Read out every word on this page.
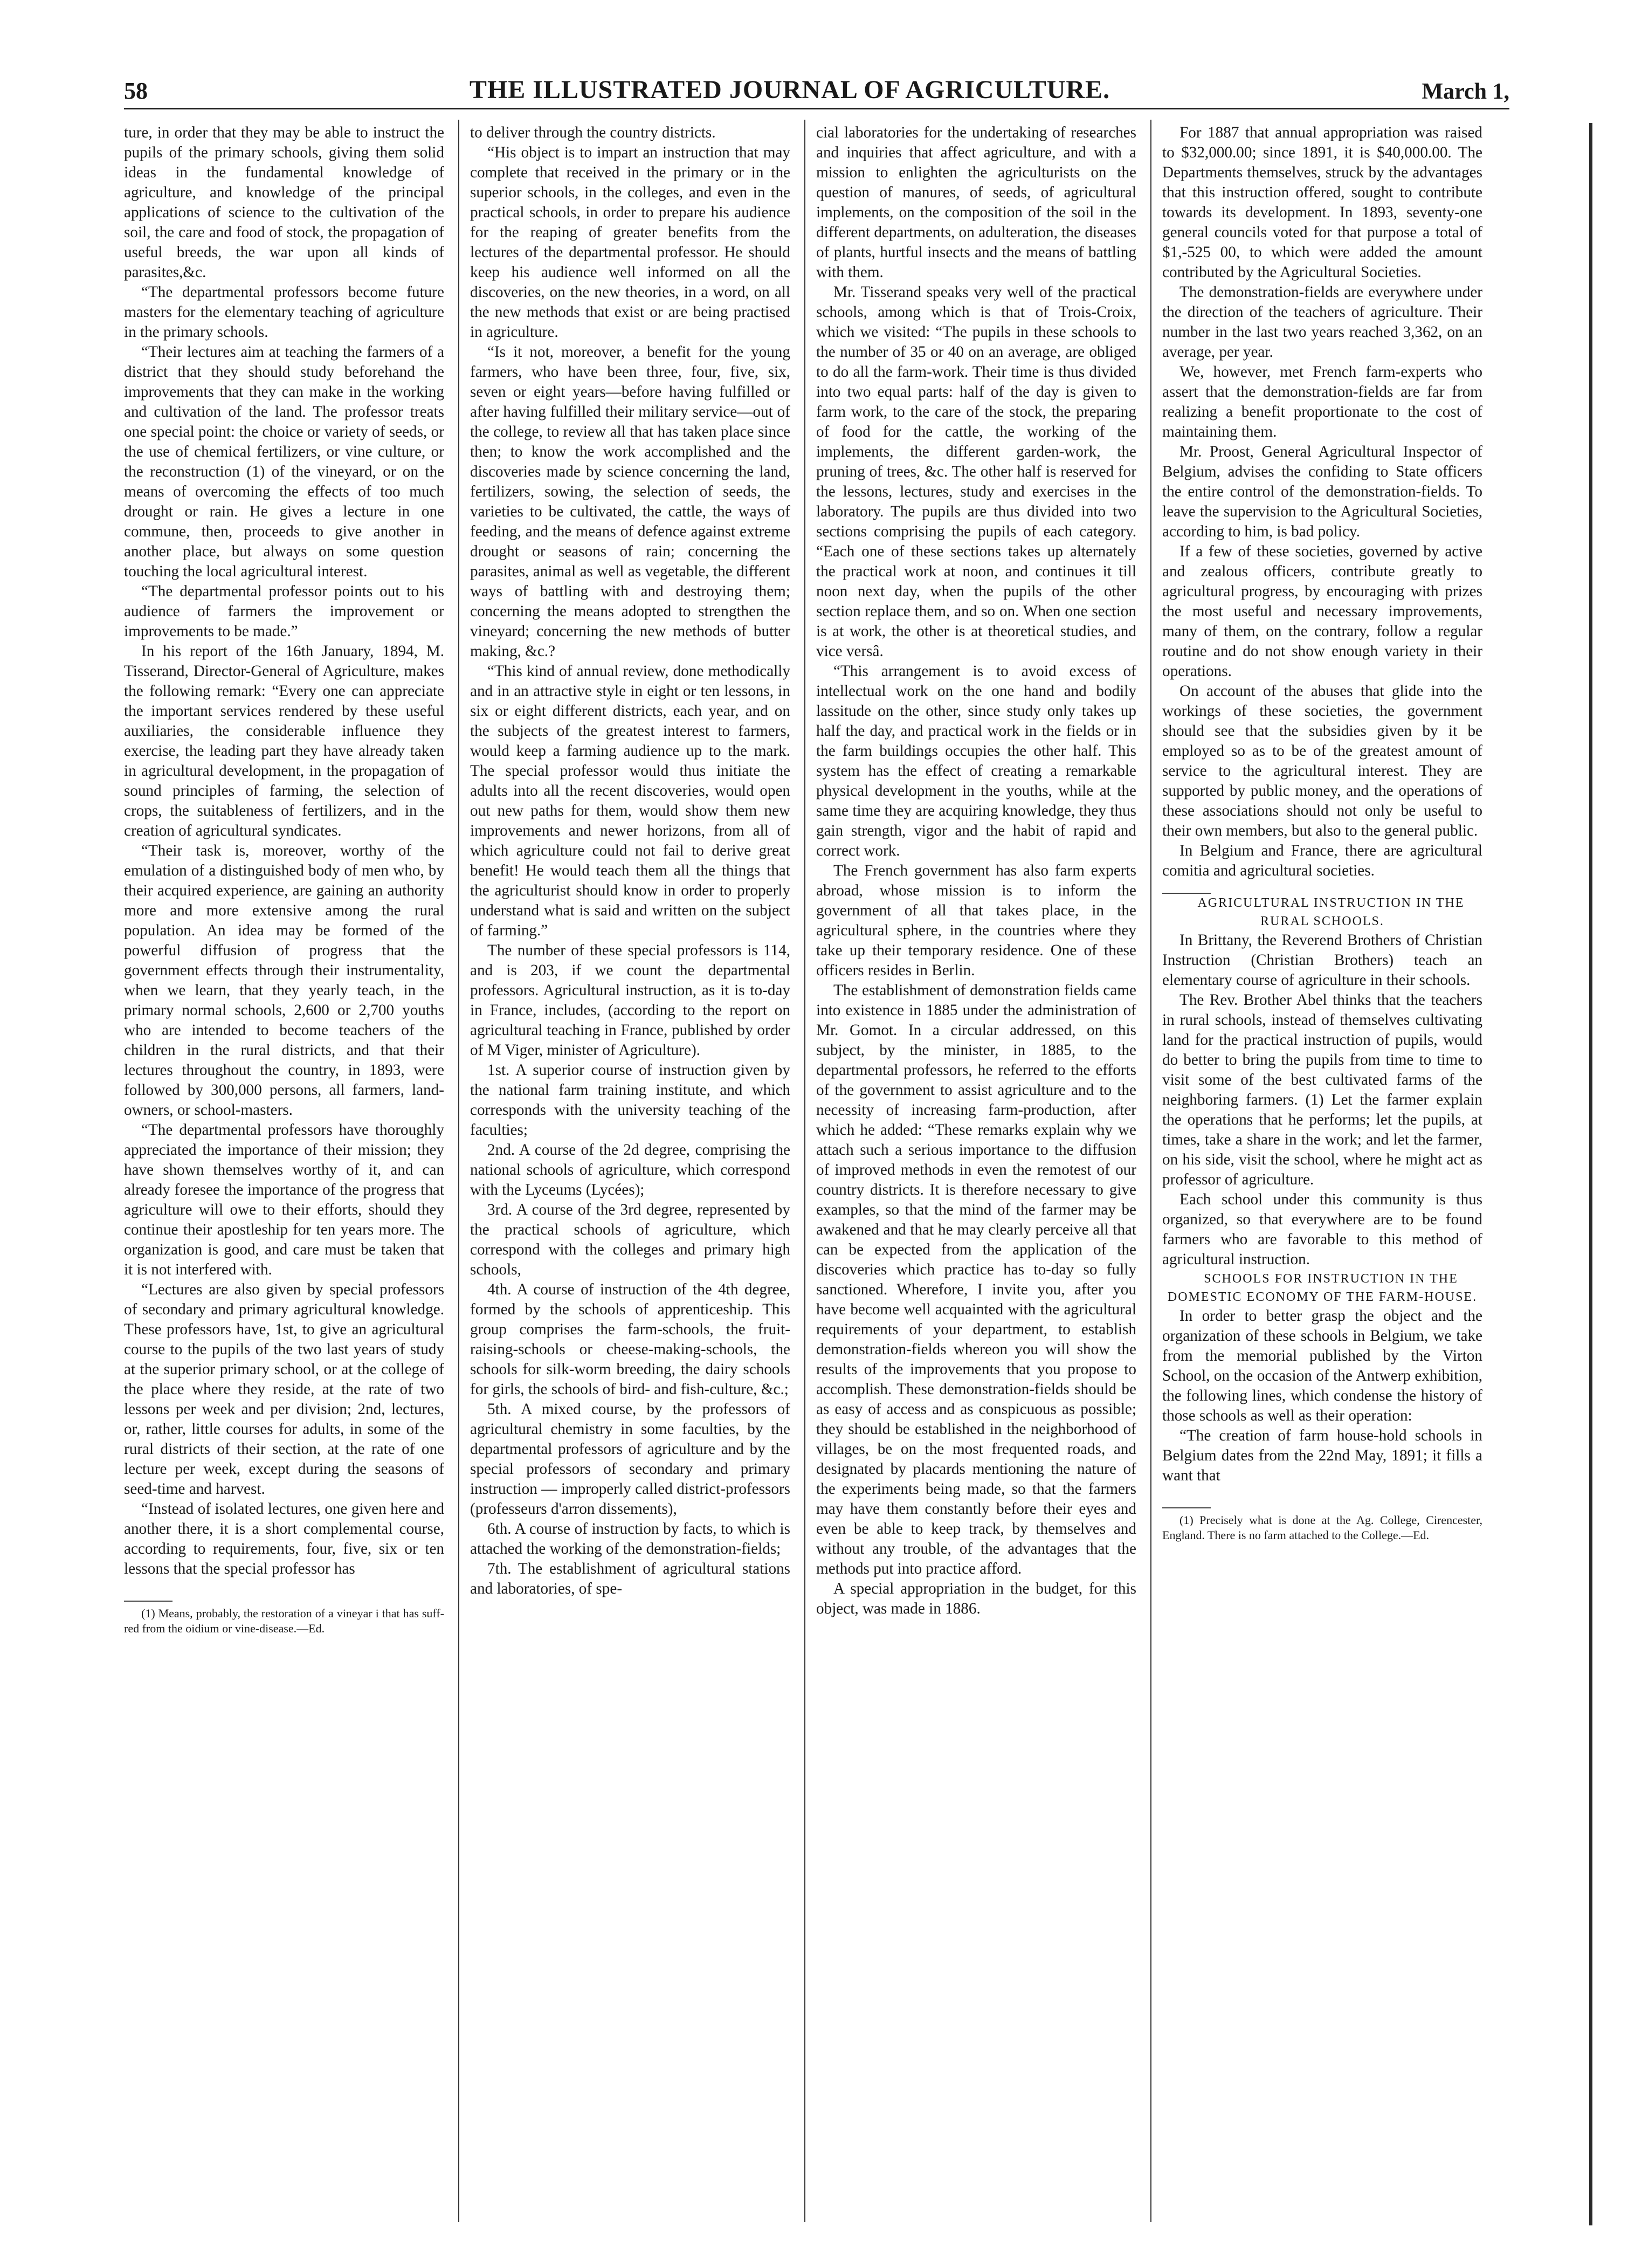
58	THE ILLUSTRATED JOURNAL OF AGRICULTURE.	March 1,

ture, in order that they may be able to instruct the pupils of the primary schools, giving them solid ideas in the fundamental knowledge of agriculture, and knowledge of the principal applications of science to the cultivation of the soil, the care and food of stock, the propagation of useful breeds, the war upon all kinds of parasites,&c.

“The departmental professors become future masters for the elementary teaching of agriculture in the primary schools.

“Their lectures aim at teaching the farmers of a district that they should study beforehand the improvements that they can make in the working and cultivation of the land. The professor treats one special point: the choice or variety of seeds, or the use of chemical fertilizers, or vine culture, or the reconstruction (1) of the vineyard, or on the means of overcoming the effects of too much drought or rain. He gives a lecture in one commune, then, proceeds to give another in another place, but always on some question touching the local agricultural interest.

“The departmental professor points out to his audience of farmers the improvement or improvements to be made.”

In his report of the 16th January, 1894, M. Tisserand, Director-General of Agriculture, makes the following remark: “Every one can appreciate the important services rendered by these useful auxiliaries, the considerable influence they exercise, the leading part they have already taken in agricultural development, in the propagation of sound principles of farming, the selection of crops, the suitableness of fertilizers, and in the creation of agricultural syndicates.

“Their task is, moreover, worthy of the emulation of a distinguished body of men who, by their acquired experience, are gaining an authority more and more extensive among the rural population. An idea may be formed of the powerful diffusion of progress that the government effects through their instrumentality, when we learn, that they yearly teach, in the primary normal schools, 2,600 or 2,700 youths who are intended to become teachers of the children in the rural districts, and that their lectures throughout the country, in 1893, were followed by 300,000 persons, all farmers, land-owners, or school-masters.

“The departmental professors have thoroughly appreciated the importance of their mission; they have shown themselves worthy of it, and can already foresee the importance of the progress that agriculture will owe to their efforts, should they continue their apostleship for ten years more. The organization is good, and care must be taken that it is not interfered with.

“Lectures are also given by special professors of secondary and primary agricultural knowledge. These professors have, 1st, to give an agricultural course to the pupils of the two last years of study at the superior primary school, or at the college of the place where they reside, at the rate of two lessons per week and per division; 2nd, lectures, or, rather, little courses for adults, in some of the rural districts of their section, at the rate of one lecture per week, except during the seasons of seed-time and harvest.

“Instead of isolated lectures, one given here and another there, it is a short complemental course, according to requirements, four, five, six or ten lessons that the special professor has

(1) Means, probably, the restoration of a vineyar i that has suff-red from the oidium or vine-disease.—Ed.

to deliver through the country districts.

“His object is to impart an instruction that may complete that received in the primary or in the superior schools, in the colleges, and even in the practical schools, in order to prepare his audience for the reaping of greater benefits from the lectures of the departmental professor. He should keep his audience well informed on all the discoveries, on the new theories, in a word, on all the new methods that exist or are being practised in agriculture.

“Is it not, moreover, a benefit for the young farmers, who have been three, four, five, six, seven or eight years—before having fulfilled or after having fulfilled their military service—out of the college, to review all that has taken place since then; to know the work accomplished and the discoveries made by science concerning the land, fertilizers, sowing, the selection of seeds, the varieties to be cultivated, the cattle, the ways of feeding, and the means of defence against extreme drought or seasons of rain; concerning the parasites, animal as well as vegetable, the different ways of battling with and destroying them; concerning the means adopted to strengthen the vineyard; concerning the new methods of butter making, &c.?

“This kind of annual review, done methodically and in an attractive style in eight or ten lessons, in six or eight different districts, each year, and on the subjects of the greatest interest to farmers, would keep a farming audience up to the mark. The special professor would thus initiate the adults into all the recent discoveries, would open out new paths for them, would show them new improvements and newer horizons, from all of which agriculture could not fail to derive great benefit! He would teach them all the things that the agriculturist should know in order to properly understand what is said and written on the subject of farming.”

The number of these special professors is 114, and is 203, if we count the departmental professors. Agricultural instruction, as it is to-day in France, includes, (according to the report on agricultural teaching in France, published by order of M Viger, minister of Agriculture).

1st. A superior course of instruction given by the national farm training institute, and which corresponds with the university teaching of the faculties;

2nd. A course of the 2d degree, comprising the national schools of agriculture, which correspond with the Lyceums (Lycées);

3rd. A course of the 3rd degree, represented by the practical schools of agriculture, which correspond with the colleges and primary high schools,

4th. A course of instruction of the 4th degree, formed by the schools of apprenticeship. This group comprises the farm-schools, the fruit-raising-schools or cheese-making-schools, the schools for silk-worm breeding, the dairy schools for girls, the schools of bird- and fish-culture, &c.;

5th. A mixed course, by the professors of agricultural chemistry in some faculties, by the departmental professors of agriculture and by the special professors of secondary and primary instruction — improperly called district-professors (professeurs d'arron dissements),

6th. A course of instruction by facts, to which is attached the working of the demonstration-fields;

7th. The establishment of agricultural stations and laboratories, of spe-

cial laboratories for the undertaking of researches and inquiries that affect agriculture, and with a mission to enlighten the agriculturists on the question of manures, of seeds, of agricultural implements, on the composition of the soil in the different departments, on adulteration, the diseases of plants, hurtful insects and the means of battling with them.

Mr. Tisserand speaks very well of the practical schools, among which is that of Trois-Croix, which we visited: “The pupils in these schools to the number of 35 or 40 on an average, are obliged to do all the farm-work. Their time is thus divided into two equal parts: half of the day is given to farm work, to the care of the stock, the preparing of food for the cattle, the working of the implements, the different garden-work, the pruning of trees, &c. The other half is reserved for the lessons, lectures, study and exercises in the laboratory. The pupils are thus divided into two sections comprising the pupils of each category. “Each one of these sections takes up alternately the practical work at noon, and continues it till noon next day, when the pupils of the other section replace them, and so on. When one section is at work, the other is at theoretical studies, and vice versâ.

“This arrangement is to avoid excess of intellectual work on the one hand and bodily lassitude on the other, since study only takes up half the day, and practical work in the fields or in the farm buildings occupies the other half. This system has the effect of creating a remarkable physical development in the youths, while at the same time they are acquiring knowledge, they thus gain strength, vigor and the habit of rapid and correct work.

The French government has also farm experts abroad, whose mission is to inform the government of all that takes place, in the agricultural sphere, in the countries where they take up their temporary residence. One of these officers resides in Berlin.

The establishment of demonstration fields came into existence in 1885 under the administration of Mr. Gomot. In a circular addressed, on this subject, by the minister, in 1885, to the departmental professors, he referred to the efforts of the government to assist agriculture and to the necessity of increasing farm-production, after which he added: “These remarks explain why we attach such a serious importance to the diffusion of improved methods in even the remotest of our country districts. It is therefore necessary to give examples, so that the mind of the farmer may be awakened and that he may clearly perceive all that can be expected from the application of the discoveries which practice has to-day so fully sanctioned. Wherefore, I invite you, after you have become well acquainted with the agricultural requirements of your department, to establish demonstration-fields whereon you will show the results of the improvements that you propose to accomplish. These demonstration-fields should be as easy of access and as conspicuous as possible; they should be established in the neighborhood of villages, be on the most frequented roads, and designated by placards mentioning the nature of the experiments being made, so that the farmers may have them constantly before their eyes and even be able to keep track, by themselves and without any trouble, of the advantages that the methods put into practice afford.

A special appropriation in the budget, for this object, was made in 1886.

For 1887 that annual appropriation was raised to $32,000.00; since 1891, it is $40,000.00. The Departments themselves, struck by the advantages that this instruction offered, sought to contribute towards its development. In 1893, seventy-one general councils voted for that purpose a total of $1,-525 00, to which were added the amount contributed by the Agricultural Societies.

The demonstration-fields are everywhere under the direction of the teachers of agriculture. Their number in the last two years reached 3,362, on an average, per year.

We, however, met French farm-experts who assert that the demonstration-fields are far from realizing a benefit proportionate to the cost of maintaining them.

Mr. Proost, General Agricultural Inspector of Belgium, advises the confiding to State officers the entire control of the demonstration-fields. To leave the supervision to the Agricultural Societies, according to him, is bad policy.

If a few of these societies, governed by active and zealous officers, contribute greatly to agricultural progress, by encouraging with prizes the most useful and necessary improvements, many of them, on the contrary, follow a regular routine and do not show enough variety in their operations.

On account of the abuses that glide into the workings of these societies, the government should see that the subsidies given by it be employed so as to be of the greatest amount of service to the agricultural interest. They are supported by public money, and the operations of these associations should not only be useful to their own members, but also to the general public.

In Belgium and France, there are agricultural comitia and agricultural societies.

AGRICULTURAL INSTRUCTION IN THE RURAL SCHOOLS.

In Brittany, the Reverend Brothers of Christian Instruction (Christian Brothers) teach an elementary course of agriculture in their schools.

The Rev. Brother Abel thinks that the teachers in rural schools, instead of themselves cultivating land for the practical instruction of pupils, would do better to bring the pupils from time to time to visit some of the best cultivated farms of the neighboring farmers. (1) Let the farmer explain the operations that he performs; let the pupils, at times, take a share in the work; and let the farmer, on his side, visit the school, where he might act as professor of agriculture.

Each school under this community is thus organized, so that everywhere are to be found farmers who are favorable to this method of agricultural instruction.

SCHOOLS FOR INSTRUCTION IN THE DOMESTIC ECONOMY OF THE FARM-HOUSE.

In order to better grasp the object and the organization of these schools in Belgium, we take from the memorial published by the Virton School, on the occasion of the Antwerp exhibition, the following lines, which condense the history of those schools as well as their operation:

“The creation of farm house-hold schools in Belgium dates from the 22nd May, 1891; it fills a want that

(1) Precisely what is done at the Ag. College, Cirencester, England. There is no farm attached to the College.—Ed.
